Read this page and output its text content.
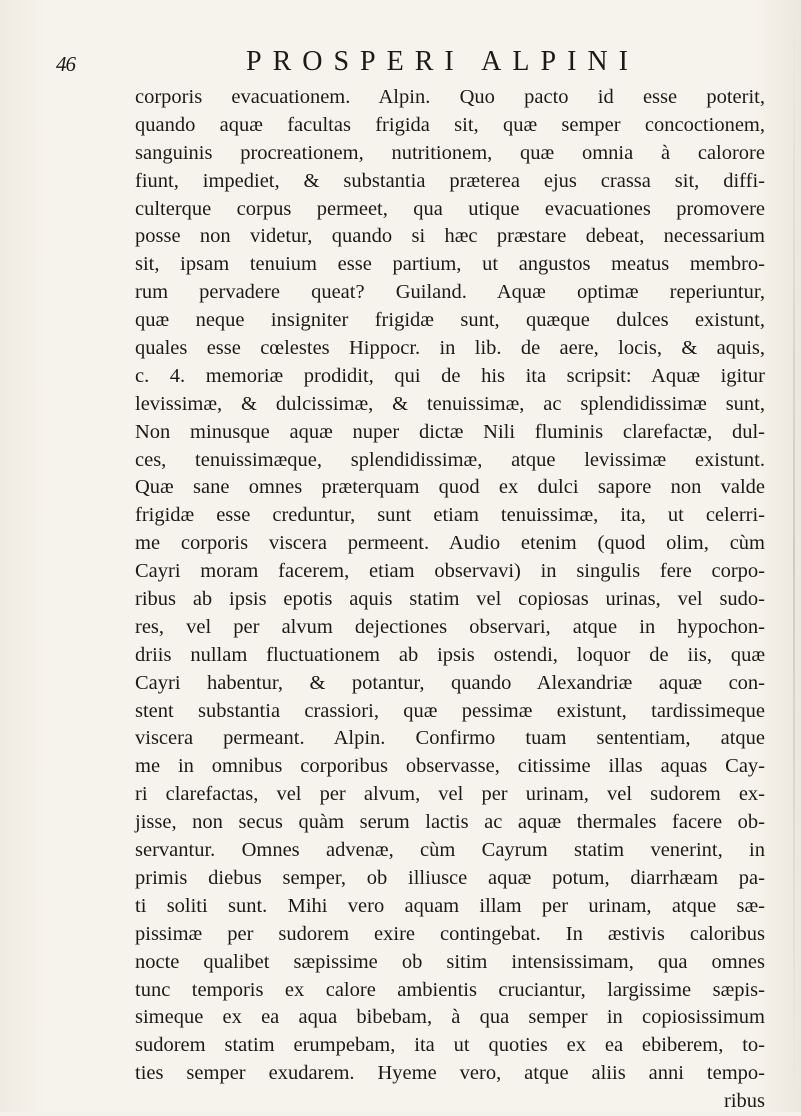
46	PROSPERI ALPINI
corporis evacuationem. Alpin. Quo pacto id esse poterit,
quando aquæ facultas frigida sit, quæ semper concoctionem,
sanguinis procreationem, nutritionem, quæ omnia à calorore
fiunt, impediet, & substantia præterea ejus crassa sit, diffi-
culterque corpus permeet, qua utique evacuationes promovere
posse non videtur, quando si hæc præstare debeat, necessarium
sit, ipsam tenuium esse partium, ut angustos meatus membro-
rum pervadere queat? Guiland. Aquæ optimæ reperiuntur,
quæ neque insigniter frigidæ sunt, quæque dulces existunt,
quales esse cœlestes Hippocr. in lib. de aere, locis, & aquis,
c. 4. memoriæ prodidit, qui de his ita scripsit: Aquæ igitur
levissimæ, & dulcissimæ, & tenuissimæ, ac splendidissimæ sunt,
Non minusque aquæ nuper dictæ Nili fluminis clarefactæ, dul-
ces, tenuissimæque, splendidissimæ, atque levissimæ existunt.
Quæ sane omnes præterquam quod ex dulci sapore non valde
frigidæ esse creduntur, sunt etiam tenuissimæ, ita, ut celerri-
me corporis viscera permeent. Audio etenim (quod olim, cùm
Cayri moram facerem, etiam observavi) in singulis fere corpo-
ribus ab ipsis epotis aquis statim vel copiosas urinas, vel sudo-
res, vel per alvum dejectiones observari, atque in hypochon-
driis nullam fluctuationem ab ipsis ostendi, loquor de iis, quæ
Cayri habentur, & potantur, quando Alexandriæ aquæ con-
stent substantia crassiori, quæ pessimæ existunt, tardissimeque
viscera permeant. Alpin. Confirmo tuam sententiam, atque
me in omnibus corporibus observasse, citissime illas aquas Cay-
ri clarefactas, vel per alvum, vel per urinam, vel sudorem ex-
jisse, non secus quàm serum lactis ac aquæ thermales facere ob-
servantur. Omnes advenæ, cùm Cayrum statim venerint, in
primis diebus semper, ob illiusce aquæ potum, diarrhæam pa-
ti soliti sunt. Mihi vero aquam illam per urinam, atque sæ-
pissimæ per sudorem exire contingebat. In æstivis caloribus
nocte qualibet sæpissime ob sitim intensissimam, qua omnes
tunc temporis ex calore ambientis cruciantur, largissime sæpis-
simeque ex ea aqua bibebam, à qua semper in copiosissimum
sudorem statim erumpebam, ita ut quoties ex ea ebiberem, to-
ties semper exudarem. Hyeme vero, atque aliis anni tempo-
ribus
